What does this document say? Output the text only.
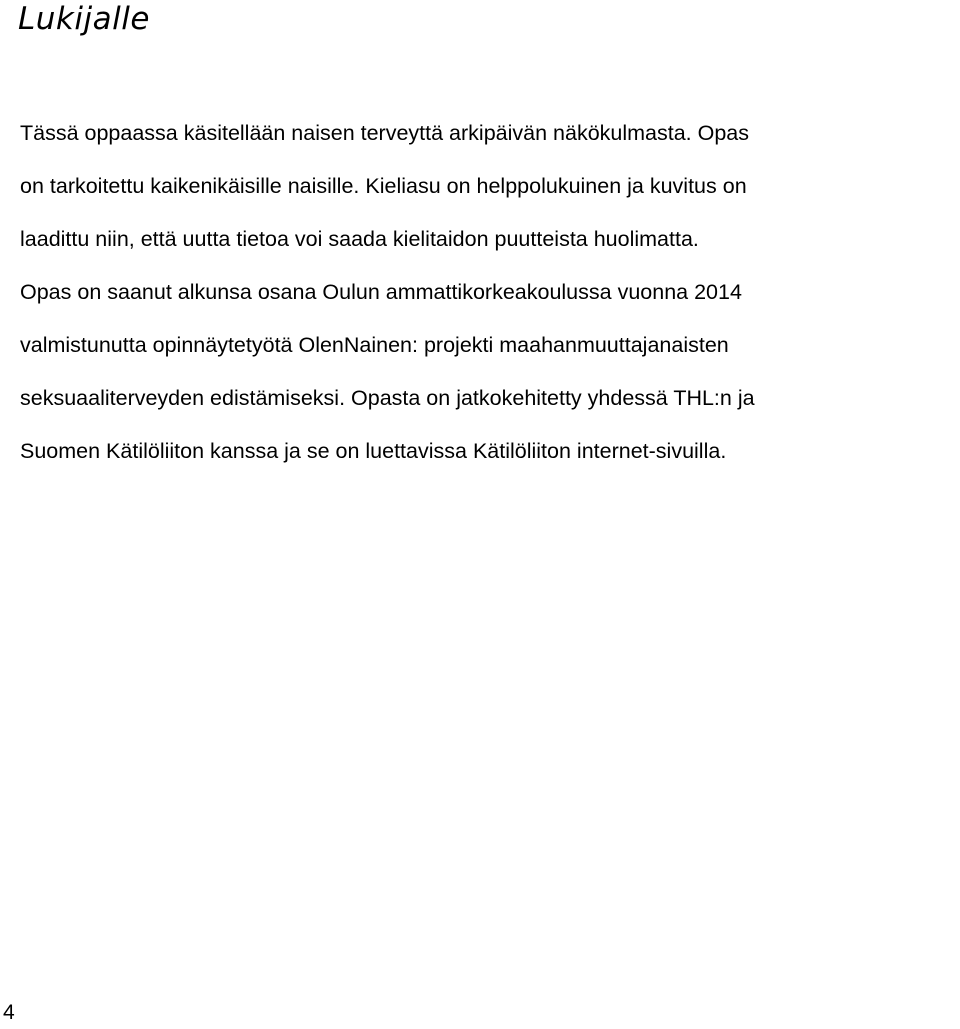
Lukijalle
Tässä oppaassa käsitellään naisen terveyttä arkipäivän näkökulmasta. Opas
on tarkoitettu kaikenikäisille naisille. Kieliasu on helppolukuinen ja kuvitus on
laadittu niin, että uutta tietoa voi saada kielitaidon puutteista huolimatta.
Opas on saanut alkunsa osana Oulun ammattikorkeakoulussa vuonna 2014
valmistunutta opinnäytetyötä OlenNainen: projekti maahanmuuttajanaisten
seksuaaliterveyden edistämiseksi. Opasta on jatkokehitetty yhdessä THL:n ja
Suomen Kätilöliiton kanssa ja se on luettavissa Kätilöliiton internet-sivuilla.
4
